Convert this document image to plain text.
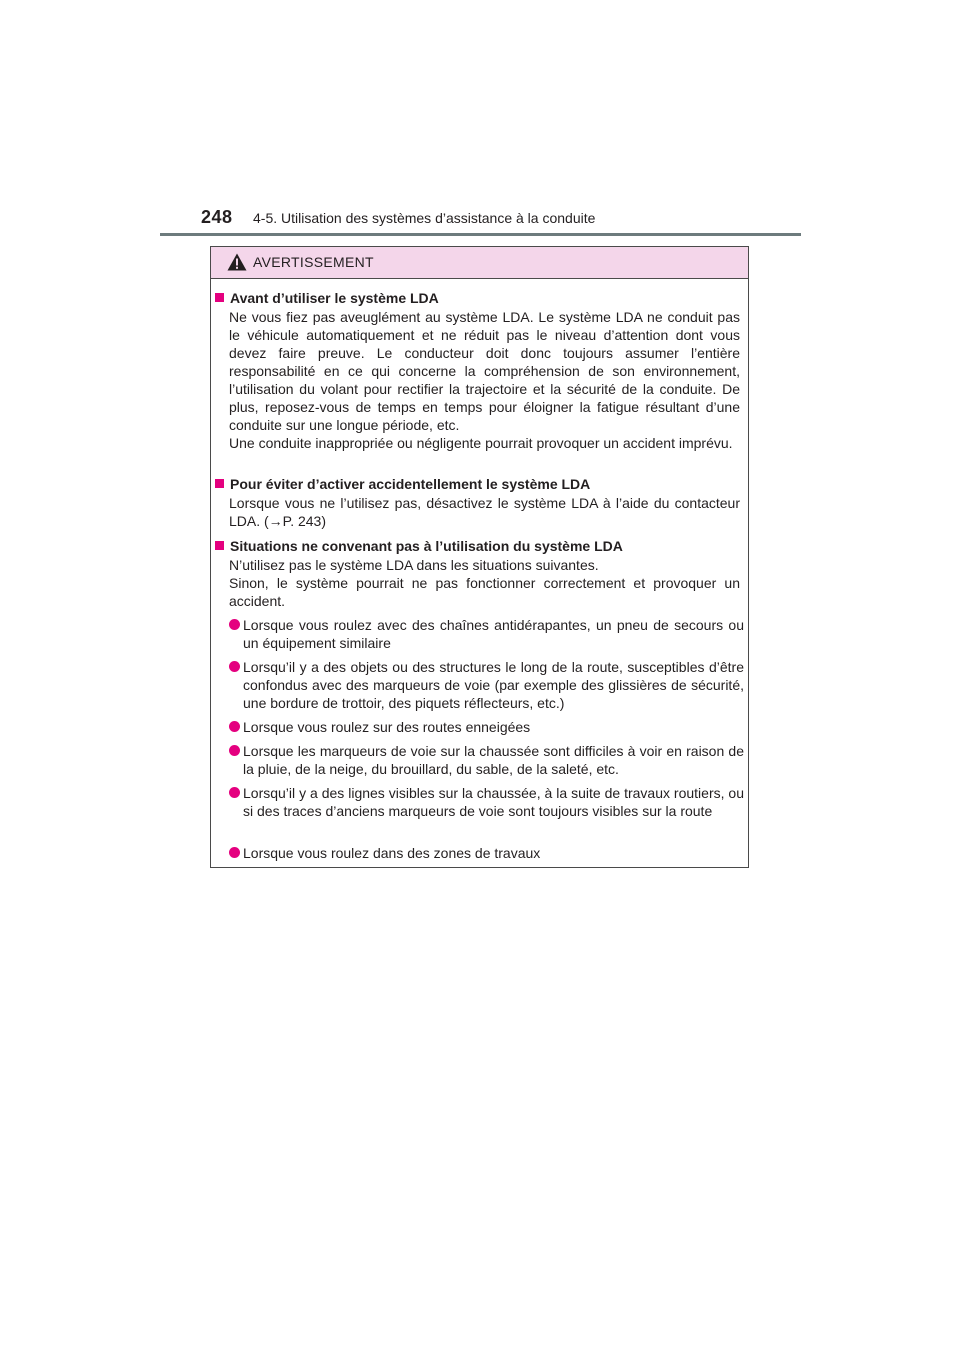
248 4-5. Utilisation des systèmes d’assistance à la conduite
AVERTISSEMENT
Avant d’utiliser le système LDA
Ne vous fiez pas aveuglément au système LDA. Le système LDA ne conduit pas le véhicule automatiquement et ne réduit pas le niveau d’attention dont vous devez faire preuve. Le conducteur doit donc toujours assumer l’entière responsabilité en ce qui concerne la compréhension de son environnement, l’utilisation du volant pour rectifier la trajectoire et la sécurité de la conduite. De plus, reposez-vous de temps en temps pour éloigner la fatigue résultant d’une conduite sur une longue période, etc.
Une conduite inappropriée ou négligente pourrait provoquer un accident imprévu.
Pour éviter d’activer accidentellement le système LDA
Lorsque vous ne l’utilisez pas, désactivez le système LDA à l’aide du contacteur LDA. (→P. 243)
Situations ne convenant pas à l’utilisation du système LDA
N’utilisez pas le système LDA dans les situations suivantes.
Sinon, le système pourrait ne pas fonctionner correctement et provoquer un accident.
Lorsque vous roulez avec des chaînes antidérapantes, un pneu de secours ou un équipement similaire
Lorsqu’il y a des objets ou des structures le long de la route, susceptibles d’être confondus avec des marqueurs de voie (par exemple des glissières de sécurité, une bordure de trottoir, des piquets réflecteurs, etc.)
Lorsque vous roulez sur des routes enneigées
Lorsque les marqueurs de voie sur la chaussée sont difficiles à voir en raison de la pluie, de la neige, du brouillard, du sable, de la saleté, etc.
Lorsqu’il y a des lignes visibles sur la chaussée, à la suite de travaux routiers, ou si des traces d’anciens marqueurs de voie sont toujours visibles sur la route
Lorsque vous roulez dans des zones de travaux
